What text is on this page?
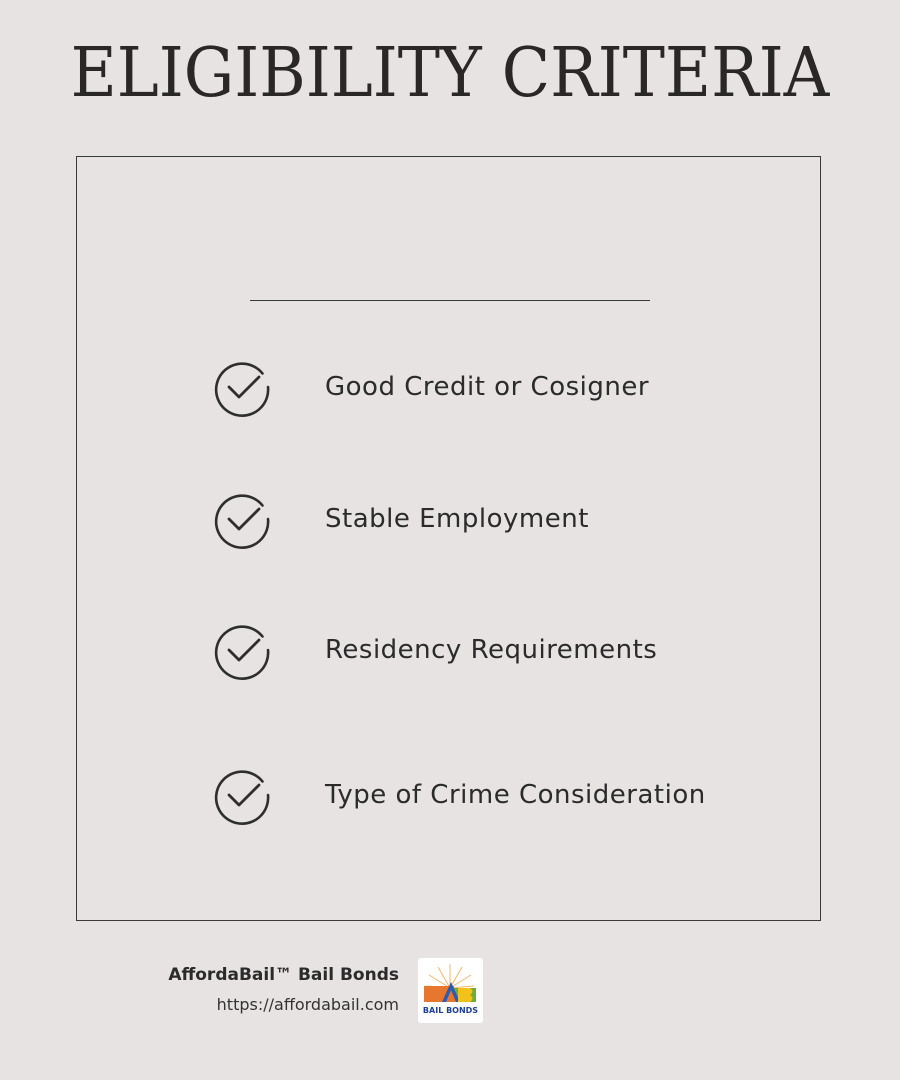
ELIGIBILITY CRITERIA
Good Credit or Cosigner
Stable Employment
Residency Requirements
Type of Crime Consideration
AffordaBail™ Bail Bonds
https://affordabail.com	BAIL BONDS
